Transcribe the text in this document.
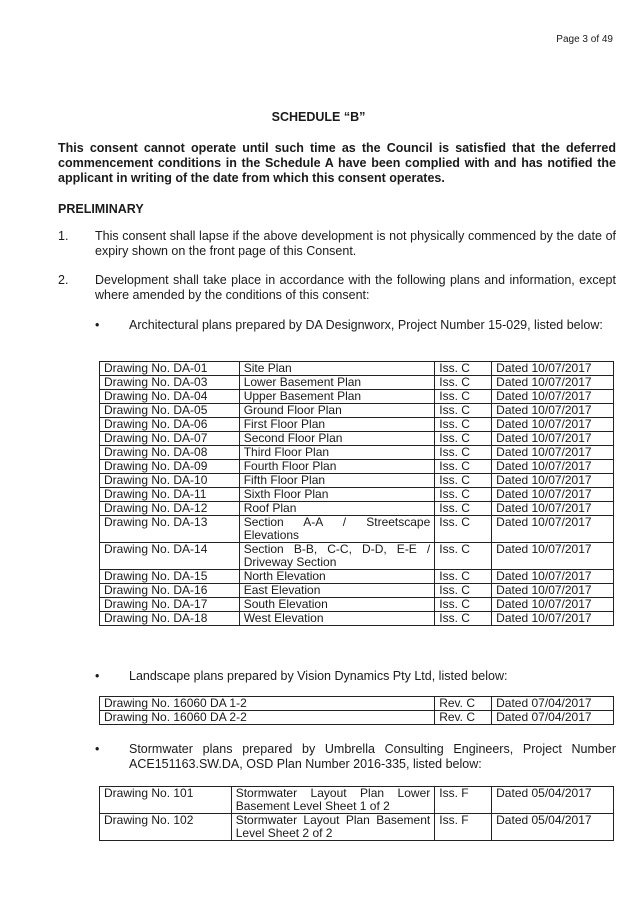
Page 3 of 49
SCHEDULE “B”
This consent cannot operate until such time as the Council is satisfied that the deferred commencement conditions in the Schedule A have been complied with and has notified the applicant in writing of the date from which this consent operates.
PRELIMINARY
1. This consent shall lapse if the above development is not physically commenced by the date of expiry shown on the front page of this Consent.
2. Development shall take place in accordance with the following plans and information, except where amended by the conditions of this consent:
• Architectural plans prepared by DA Designworx, Project Number 15-029, listed below:
Drawing No. DA-01	Site Plan	Iss. C	Dated 10/07/2017
Drawing No. DA-03	Lower Basement Plan	Iss. C	Dated 10/07/2017
Drawing No. DA-04	Upper Basement Plan	Iss. C	Dated 10/07/2017
Drawing No. DA-05	Ground Floor Plan	Iss. C	Dated 10/07/2017
Drawing No. DA-06	First Floor Plan	Iss. C	Dated 10/07/2017
Drawing No. DA-07	Second Floor Plan	Iss. C	Dated 10/07/2017
Drawing No. DA-08	Third Floor Plan	Iss. C	Dated 10/07/2017
Drawing No. DA-09	Fourth Floor Plan	Iss. C	Dated 10/07/2017
Drawing No. DA-10	Fifth Floor Plan	Iss. C	Dated 10/07/2017
Drawing No. DA-11	Sixth Floor Plan	Iss. C	Dated 10/07/2017
Drawing No. DA-12	Roof Plan	Iss. C	Dated 10/07/2017
Drawing No. DA-13	Section A-A / Streetscape Elevations	Iss. C	Dated 10/07/2017
Drawing No. DA-14	Section B-B, C-C, D-D, E-E / Driveway Section	Iss. C	Dated 10/07/2017
Drawing No. DA-15	North Elevation	Iss. C	Dated 10/07/2017
Drawing No. DA-16	East Elevation	Iss. C	Dated 10/07/2017
Drawing No. DA-17	South Elevation	Iss. C	Dated 10/07/2017
Drawing No. DA-18	West Elevation	Iss. C	Dated 10/07/2017
• Landscape plans prepared by Vision Dynamics Pty Ltd, listed below:
Drawing No. 16060 DA 1-2	Rev. C	Dated 07/04/2017
Drawing No. 16060 DA 2-2	Rev. C	Dated 07/04/2017
• Stormwater plans prepared by Umbrella Consulting Engineers, Project Number ACE151163.SW.DA, OSD Plan Number 2016-335, listed below:
Drawing No. 101	Stormwater Layout Plan Lower Basement Level Sheet 1 of 2	Iss. F	Dated 05/04/2017
Drawing No. 102	Stormwater Layout Plan Basement Level Sheet 2 of 2	Iss. F	Dated 05/04/2017
